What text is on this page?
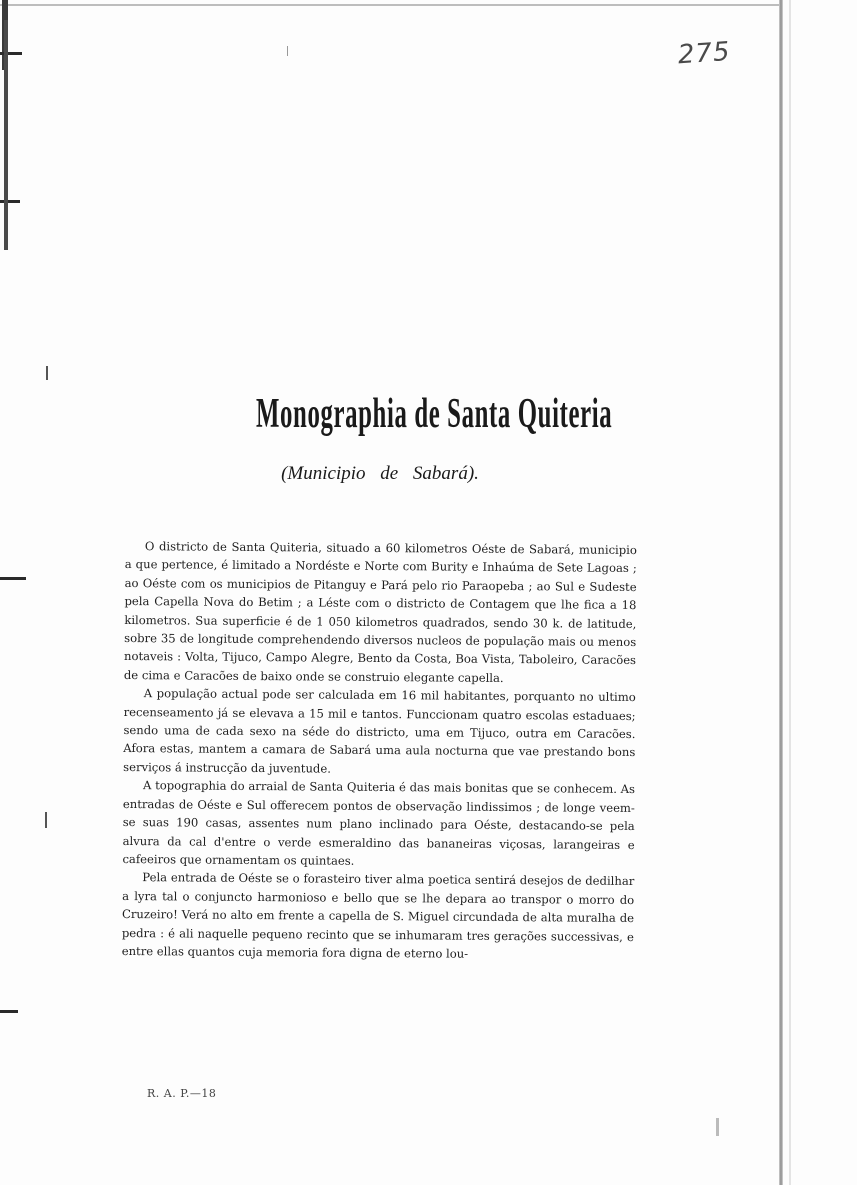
275
Monographia de Santa Quiteria
(Municipio de Sabará).

O districto de Santa Quiteria, situado a 60 kilometros Oéste de Sabará, municipio a que pertence, é limitado a Nordéste e Norte com Burity e Inhaúma de Sete Lagoas ; ao Oéste com os municipios de Pitanguy e Pará pelo rio Paraopeba ; ao Sul e Sudeste pela Capella Nova do Betim ; a Léste com o districto de Contagem que lhe fica a 18 kilometros. Sua superficie é de 1 050 kilometros quadrados, sendo 30 k. de latitude, sobre 35 de longitude comprehendendo diversos nucleos de população mais ou menos notaveis : Volta, Tijuco, Campo Alegre, Bento da Costa, Boa Vista, Taboleiro, Caracões de cima e Caracões de baixo onde se construio elegante capella.

A população actual pode ser calculada em 16 mil habitantes, porquanto no ultimo recenseamento já se elevava a 15 mil e tantos. Funccionam quatro escolas estaduaes; sendo uma de cada sexo na séde do districto, uma em Tijuco, outra em Caracões. Afora estas, mantem a camara de Sabará uma aula nocturna que vae prestando bons serviços á instrucção da juventude.

A topographia do arraial de Santa Quiteria é das mais bonitas que se conhecem. As entradas de Oéste e Sul offerecem pontos de observação lindissimos ; de longe veem-se suas 190 casas, assentes num plano inclinado para Oéste, destacando-se pela alvura da cal d'entre o verde esmeraldino das bananeiras viçosas, larangeiras e cafeeiros que ornamentam os quintaes.

Pela entrada de Oéste se o forasteiro tiver alma poetica sentirá desejos de dedilhar a lyra tal o conjuncto harmonioso e bello que se lhe depara ao transpor o morro do Cruzeiro! Verá no alto em frente a capella de S. Miguel circundada de alta muralha de pedra : é ali naquelle pequeno recinto que se inhumaram tres gerações successivas, e entre ellas quantos cuja memoria fora digna de eterno lou-

R. A. P.—18
